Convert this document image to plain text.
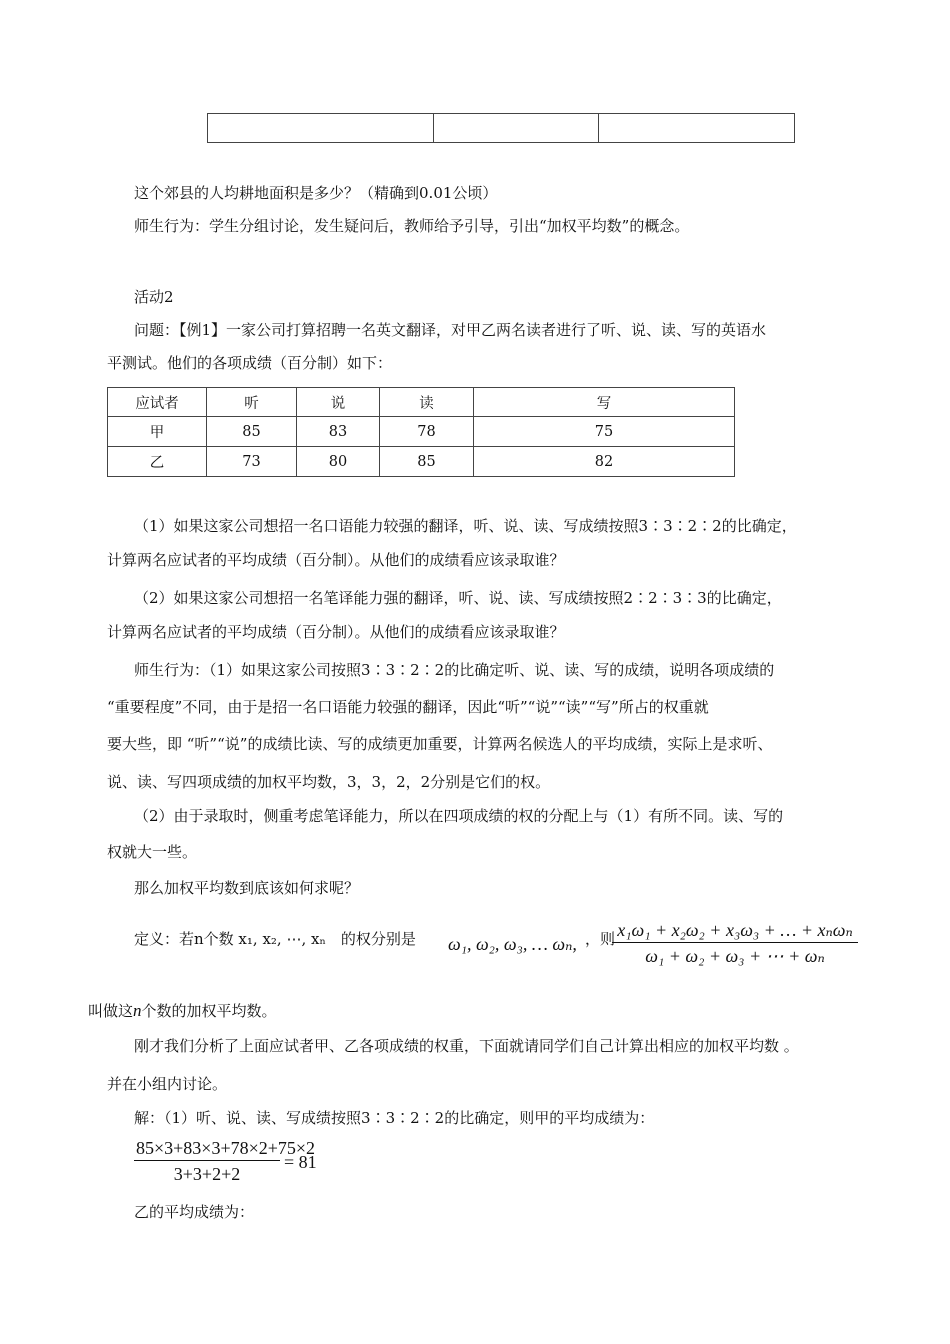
这个郊县的人均耕地面积是多少？（精确到0.01公顷）
师生行为：学生分组讨论，发生疑问后，教师给予引导，引出“加权平均数”的概念。
活动2
问题：【例1】一家公司打算招聘一名英文翻译，对甲乙两名读者进行了听、说、读、写的英语水
平测试。他们的各项成绩（百分制）如下：
应试者	听	说	读	写
甲	85	83	78	75
乙	73	80	85	82
（1）如果这家公司想招一名口语能力较强的翻译，听、说、读、写成绩按照3∶3∶2∶2的比确定，
计算两名应试者的平均成绩（百分制）。从他们的成绩看应该录取谁？
（2）如果这家公司想招一名笔译能力强的翻译，听、说、读、写成绩按照2∶2∶3∶3的比确定，
计算两名应试者的平均成绩（百分制）。从他们的成绩看应该录取谁？
师生行为：（1）如果这家公司按照3∶3∶2∶2的比确定听、说、读、写的成绩，说明各项成绩的
“重要程度”不同，由于是招一名口语能力较强的翻译，因此“听”“说”“读”“写”所占的权重就
要大些，即 “听”“说”的成绩比读、写的成绩更加重要，计算两名候选人的平均成绩，实际上是求听、
说、读、写四项成绩的加权平均数，3，3，2，2分别是它们的权。
（2）由于录取时，侧重考虑笔译能力，所以在四项成绩的权的分配上与（1）有所不同。读、写的
权就大一些。
那么加权平均数到底该如何求呢？
定义：若n个数 x₁, x₂, ⋯, xₙ　的权分别是 ω₁, ω₂, ω₃, … ωₙ, ，则 x₁ω₁ + x₂ω₂ + x₃ω₃ + … + xₙωₙ
ω₁ + ω₂ + ω₃ + ⋯ + ωₙ
叫做这n个数的加权平均数。
刚才我们分析了上面应试者甲、乙各项成绩的权重，下面就请同学们自己计算出相应的加权平均数 。
并在小组内讨论。
解：（1）听、说、读、写成绩按照3∶3∶2∶2的比确定，则甲的平均成绩为：
$\frac{85\times 3+83\times 3+78\times 2+75\times 2}{3+3+2+2} = 81$
乙的平均成绩为：
